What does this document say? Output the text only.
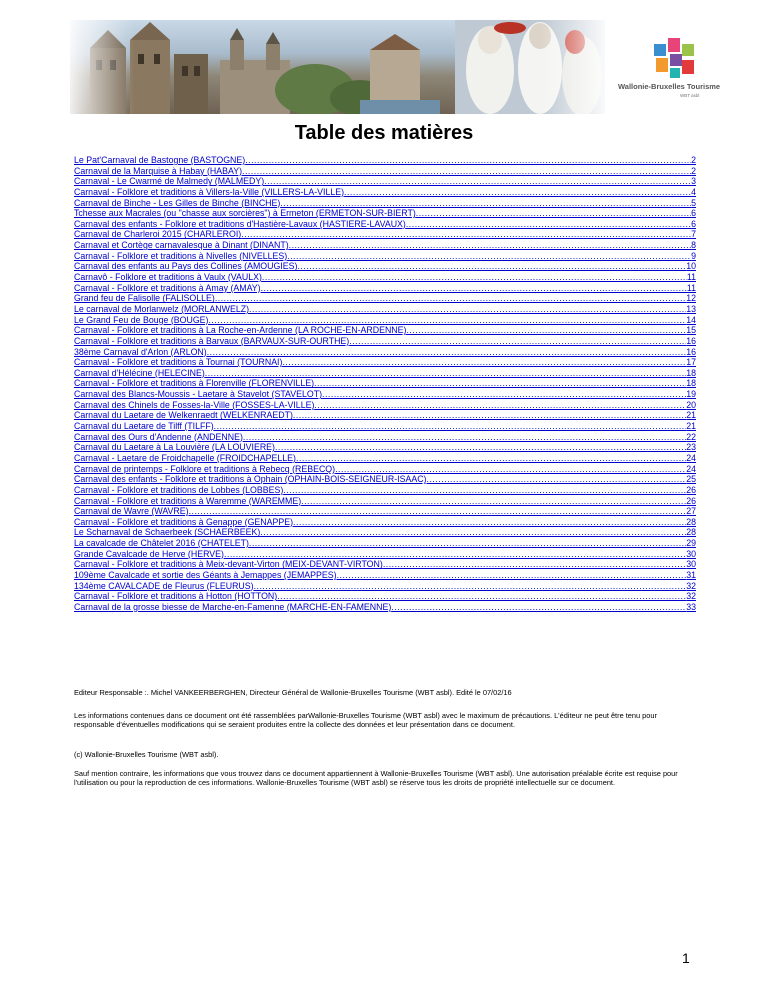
Wallonie-Bruxelles Tourisme
WBT asbl
Table des matières
Le Pat'Carnaval de Bastogne (BASTOGNE) .....	2
Carnaval de la Marquise à Habay (HABAY) .....	2
Carnaval - Le Cwarmé de Malmedy (MALMEDY) .....	3
Carnaval - Folklore et traditions à Villers-la-Ville (VILLERS-LA-VILLE) .....	4
Carnaval de Binche - Les Gilles de Binche (BINCHE) .....	5
Tchesse aux Macrales (ou "chasse aux sorcières") à Ermeton (ERMETON-SUR-BIERT) .....	6
Carnaval des enfants - Folklore et traditions d'Hastière-Lavaux (HASTIERE-LAVAUX) .....	6
Carnaval de Charleroi 2015 (CHARLEROI) .....	7
Carnaval et Cortège carnavalesque à Dinant (DINANT) .....	8
Carnaval - Folklore et traditions à Nivelles (NIVELLES) .....	9
Carnaval des enfants au Pays des Collines (AMOUGIES) .....	10
Carnavô - Folklore et traditions à Vaulx (VAULX) .....	11
Carnaval - Folklore et traditions à Amay (AMAY) .....	11
Grand feu de Falisolle (FALISOLLE) .....	12
Le carnaval de Morlanwelz (MORLANWELZ) .....	13
Le Grand Feu de Bouge (BOUGE) .....	14
Carnaval - Folklore et traditions à La Roche-en-Ardenne (LA ROCHE-EN-ARDENNE) .....	15
Carnaval - Folklore et traditions à Barvaux (BARVAUX-SUR-OURTHE) .....	16
38ème Carnaval d'Arlon (ARLON) .....	16
Carnaval - Folklore et traditions à Tournai (TOURNAI) .....	17
Carnaval d'Hélécine (HELECINE) .....	18
Carnaval - Folklore et traditions à Florenville (FLORENVILLE) .....	18
Carnaval des Blancs-Moussis - Laetare à Stavelot (STAVELOT) .....	19
Carnaval des Chinels de Fosses-la-Ville (FOSSES-LA-VILLE) .....	20
Carnaval du Laetare de Welkenraedt (WELKENRAEDT) .....	21
Carnaval du Laetare de Tilff (TILFF) .....	21
Carnaval des Ours d'Andenne (ANDENNE) .....	22
Carnaval du Laetare à La Louvière (LA LOUVIERE) .....	23
Carnaval - Laetare de Froidchapelle (FROIDCHAPELLE) .....	24
Carnaval de printemps - Folklore et traditions à Rebecq (REBECQ) .....	24
Carnaval des enfants - Folklore et traditions à Ophain (OPHAIN-BOIS-SEIGNEUR-ISAAC) .....	25
Carnaval - Folklore et traditions de Lobbes (LOBBES) .....	26
Carnaval - Folklore et traditions à Waremme (WAREMME) .....	26
Carnaval de Wavre (WAVRE) .....	27
Carnaval - Folklore et traditions à Genappe (GENAPPE) .....	28
Le Scharnaval de Schaerbeek (SCHAERBEEK) .....	28
La cavalcade de Châtelet 2016 (CHATELET) .....	29
Grande Cavalcade de Herve (HERVE) .....	30
Carnaval - Folklore et traditions à Meix-devant-Virton (MEIX-DEVANT-VIRTON) .....	30
109ème Cavalcade et sortie des Géants à Jemappes (JEMAPPES) .....	31
134ème CAVALCADE de Fleurus (FLEURUS) .....	32
Carnaval - Folklore et traditions à Hotton (HOTTON) .....	32
Carnaval de la grosse biesse de Marche-en-Famenne (MARCHE-EN-FAMENNE) .....	33

Editeur Responsable :. Michel VANKEERBERGHEN, Directeur Général de Wallonie-Bruxelles Tourisme (WBT asbl). Edité le 07/02/16

Les informations contenues dans ce document ont été rassemblées parWallonie-Bruxelles Tourisme (WBT asbl) avec le maximum de précautions. L'éditeur ne peut être tenu pour responsable d'éventuelles modifications qui se seraient produites entre la collecte des données et leur présentation dans ce document.

(c) Wallonie-Bruxelles Tourisme (WBT asbl).

Sauf mention contraire, les informations que vous trouvez dans ce document appartiennent à Wallonie-Bruxelles Tourisme (WBT asbl). Une autorisation préalable écrite est requise pour l'utilisation ou pour la reproduction de ces informations. Wallonie-Bruxelles Tourisme (WBT asbl) se réserve tous les droits de propriété intellectuelle sur ce document.

1
